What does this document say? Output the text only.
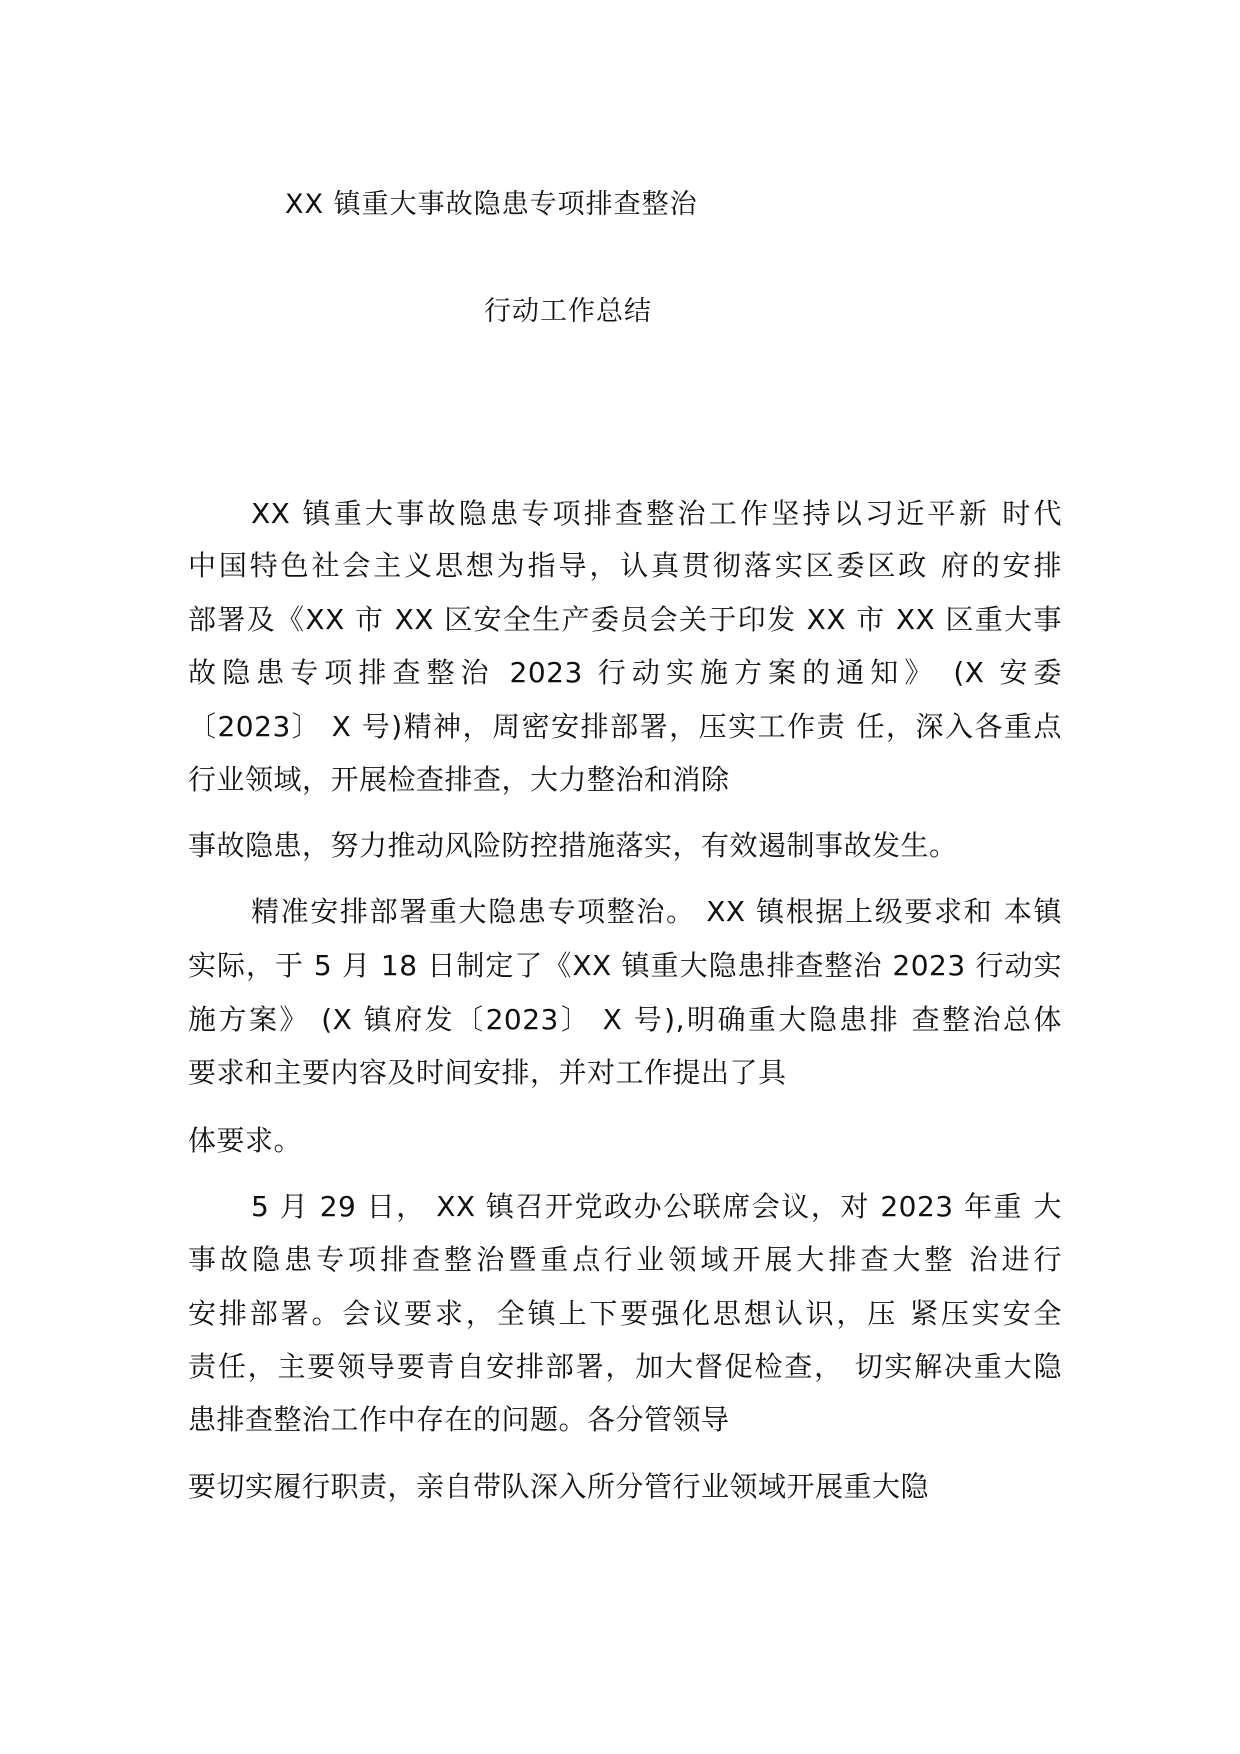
XX 镇重大事故隐患专项排查整治
行动工作总结

XX 镇重大事故隐患专项排查整治工作坚持以习近平新 时代

中国特色社会主义思想为指导，认真贯彻落实区委区政 府的安排

部署及《XX 市 XX 区安全生产委员会关于印发 XX 市 XX 区重大事

故隐患专项排查整治 2023 行动实施方案的通知》 (X 安委

〔2023〕 X 号)精神，周密安排部署，压实工作责 任，深入各重点

行业领域，开展检查排查，大力整治和消除

事故隐患，努力推动风险防控措施落实，有效遏制事故发生。

精准安排部署重大隐患专项整治。 XX 镇根据上级要求和 本镇

实际，于 5 月 18 日制定了《XX 镇重大隐患排查整治 2023 行动实

施方案》 (X 镇府发〔2023〕 X 号),明确重大隐患排 查整治总体

要求和主要内容及时间安排，并对工作提出了具

体要求。

5 月 29 日， XX 镇召开党政办公联席会议，对 2023 年重 大

事故隐患专项排查整治暨重点行业领域开展大排查大整 治进行

安排部署。会议要求，全镇上下要强化思想认识，压 紧压实安全

责任，主要领导要青自安排部署，加大督促检查， 切实解决重大隐

患排查整治工作中存在的问题。各分管领导

要切实履行职责，亲自带队深入所分管行业领域开展重大隐
